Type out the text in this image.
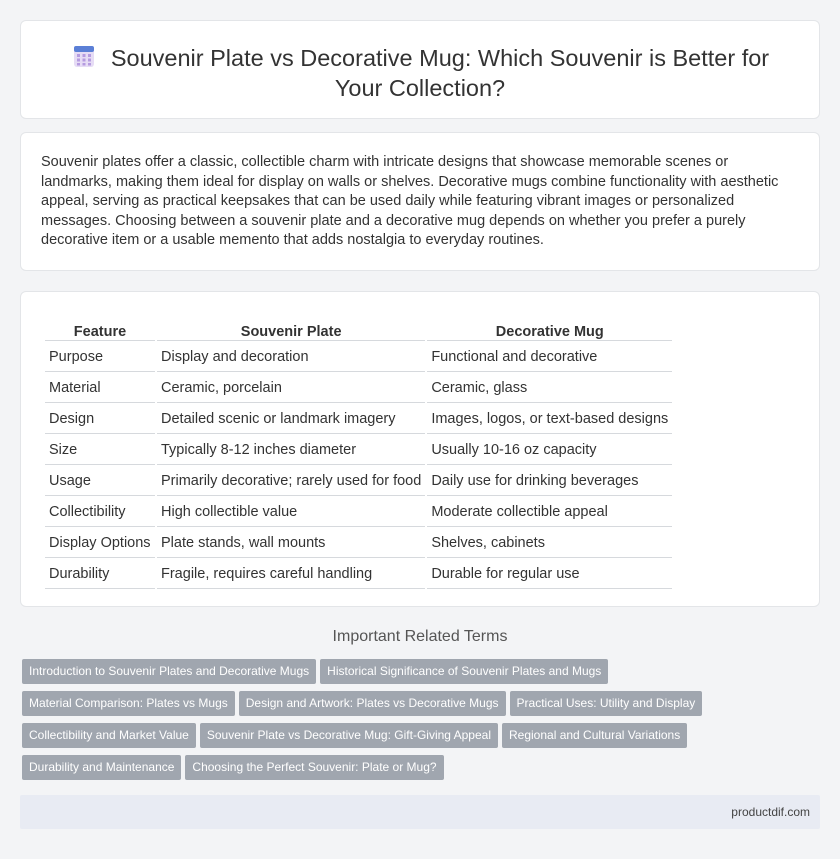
Souvenir Plate vs Decorative Mug: Which Souvenir is Better for Your Collection?

Souvenir plates offer a classic, collectible charm with intricate designs that showcase memorable scenes or landmarks, making them ideal for display on walls or shelves. Decorative mugs combine functionality with aesthetic appeal, serving as practical keepsakes that can be used daily while featuring vibrant images or personalized messages. Choosing between a souvenir plate and a decorative mug depends on whether you prefer a purely decorative item or a usable memento that adds nostalgia to everyday routines.

Feature	Souvenir Plate	Decorative Mug
Purpose	Display and decoration	Functional and decorative
Material	Ceramic, porcelain	Ceramic, glass
Design	Detailed scenic or landmark imagery	Images, logos, or text-based designs
Size	Typically 8-12 inches diameter	Usually 10-16 oz capacity
Usage	Primarily decorative; rarely used for food	Daily use for drinking beverages
Collectibility	High collectible value	Moderate collectible appeal
Display Options	Plate stands, wall mounts	Shelves, cabinets
Durability	Fragile, requires careful handling	Durable for regular use
Important Related Terms
Introduction to Souvenir Plates and Decorative Mugs Historical Significance of Souvenir Plates and MugsMaterial Comparison: Plates vs Mugs Design and Artwork: Plates vs Decorative Mugs Practical Uses: Utility and DisplayCollectibility and Market Value Souvenir Plate vs Decorative Mug: Gift-Giving Appeal Regional and Cultural VariationsDurability and Maintenance Choosing the Perfect Souvenir: Plate or Mug?
productdif.com
